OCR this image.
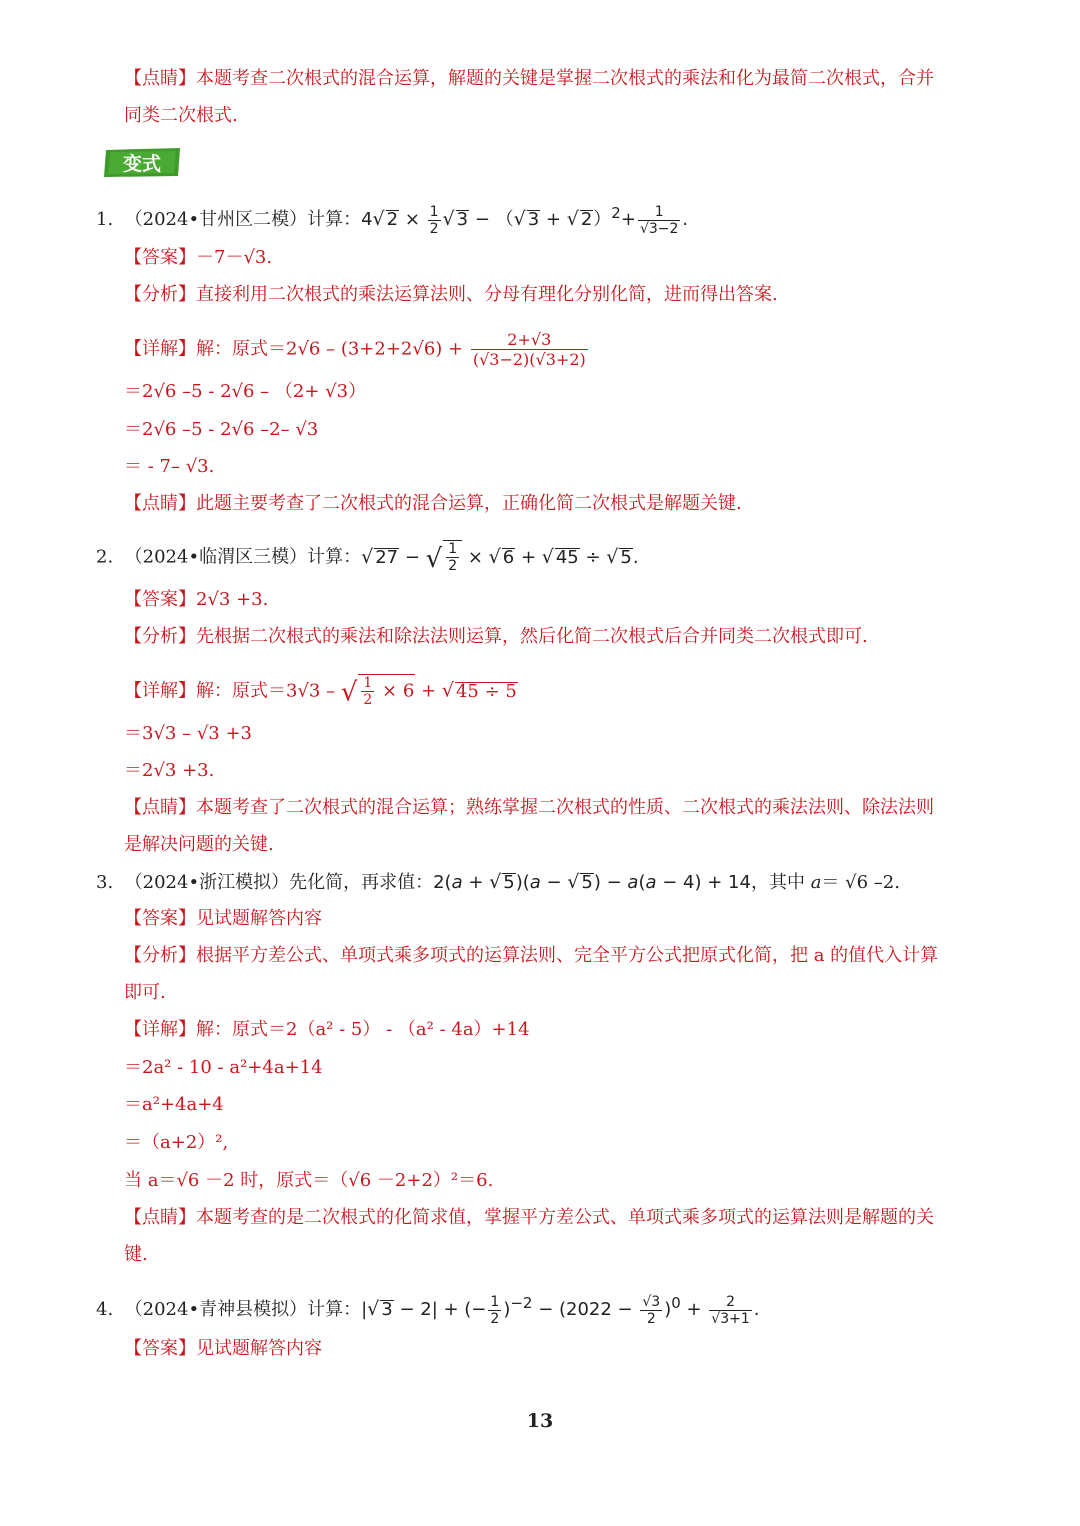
【点睛】本题考查二次根式的混合运算，解题的关键是掌握二次根式的乘法和化为最简二次根式，合并
同类二次根式.
变式
1. （2024•甘州区二模）计算：4√ $2 \times \frac{1}{2}$ √ 3 − （√ 3 + √ $2)^2+ \frac{1}{√3-2}$ .
【答案】－7－√3.
【分析】直接利用二次根式的乘法运算法则、分母有理化分别化简，进而得出答案.
【详解】解：原式$=2√6 - (3+2+2√6) + \frac{2+√3}{(√3-2)(√3+2)}$
＝2√6 –5 - 2√6 – （2+ √3）
＝2√6 –5 - 2√6 –2– √3
＝ - 7– √3.
【点睛】此题主要考查了二次根式的混合运算，正确化简二次根式是解题关键.
2. （2024•临渭区三模）计算：√ 27 − √ $\frac{1}{2}$ × √ 6 + √ 45 ÷ √ 5.
【答案】2√3 +3.
【分析】先根据二次根式的乘法和除法法则运算，然后化简二次根式后合并同类二次根式即可.
【详解】解：原式＝3√3 – √ $\frac{1}{2} \times 6$ + √ 45 ÷ 5
＝3√3 – √3 +3
＝2√3 +3.
【点睛】本题考查了二次根式的混合运算；熟练掌握二次根式的性质、二次根式的乘法法则、除法法则
是解决问题的关键.
3. （2024•浙江模拟）先化简，再求值：2(a + √ 5)(a − √ 5) − a(a − 4) + 14，其中 a＝ √6 –2.
【答案】见试题解答内容
【分析】根据平方差公式、单项式乘多项式的运算法则、完全平方公式把原式化简，把 a 的值代入计算
即可.
【详解】解：原式＝2（a² - 5） - （a² - 4a）+14
＝2a² - 10 - a²+4a+14
＝a²+4a+4
＝（a+2）²,
当 a＝√6 －2 时，原式＝（√6 －2+2）²＝6.
【点睛】本题考查的是二次根式的化简求值，掌握平方差公式、单项式乘多项式的运算法则是解题的关
键.
4. （2024•青神县模拟）计算：|√ 3 − 2| + (− $\frac{1}{2} )^{-2} - (2022 - \frac{√3}{2} )^0 + \frac{2}{√3+1}$ .
【答案】见试题解答内容
13
